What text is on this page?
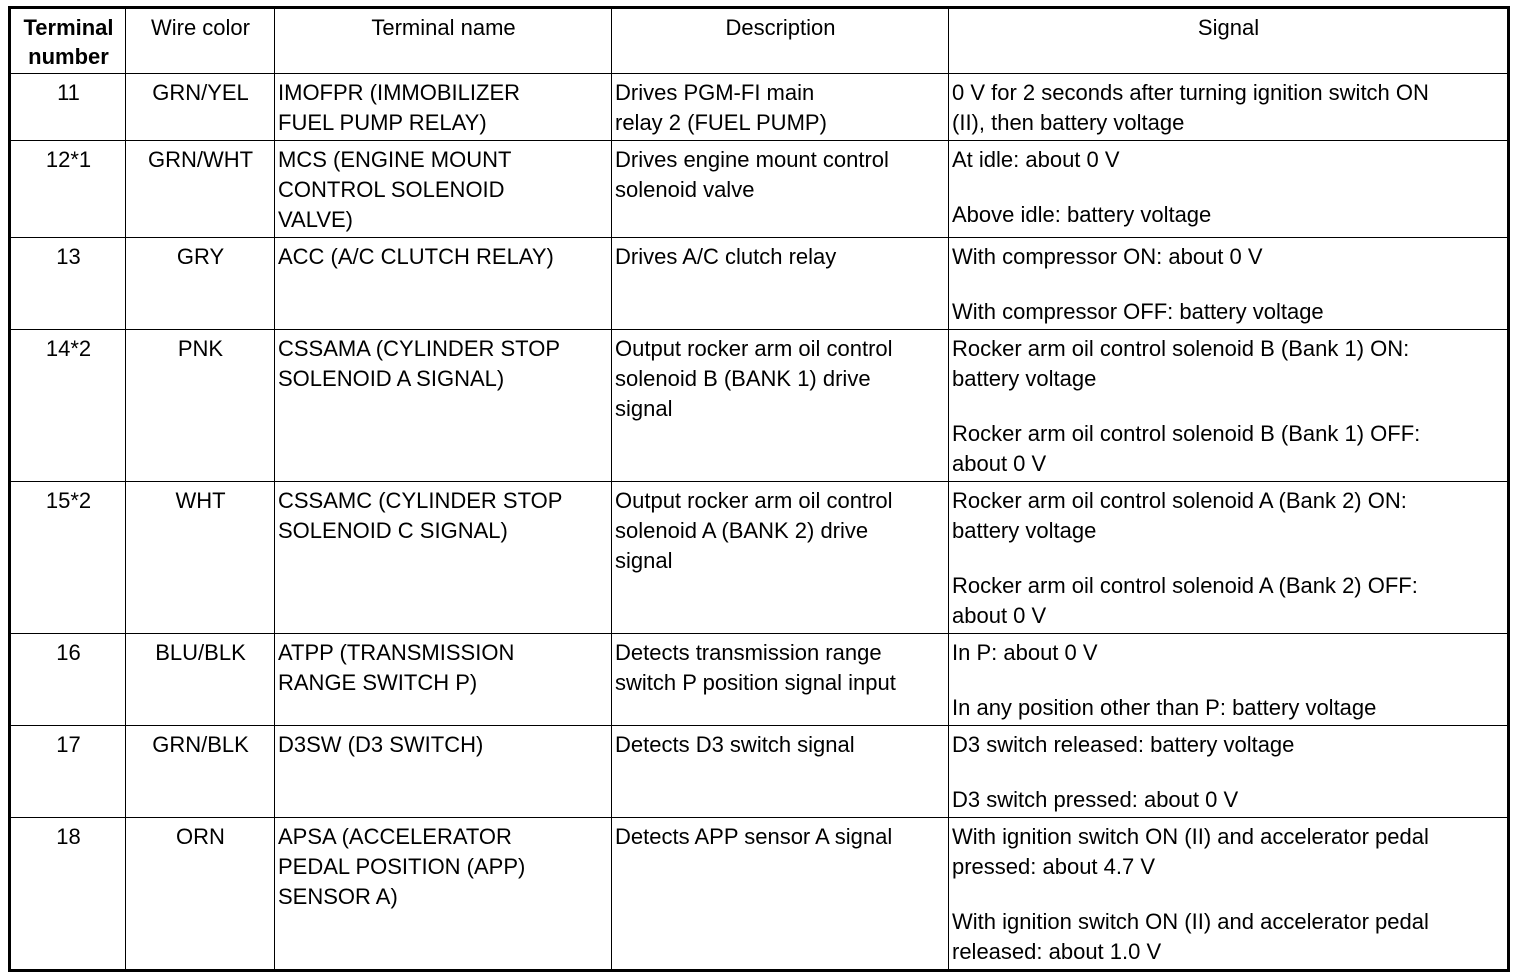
Terminal
number	Wire color	Terminal name	Description	Signal
11	GRN/YEL	IMOFPR (IMMOBILIZER
FUEL PUMP RELAY)	Drives PGM-FI main
relay 2 (FUEL PUMP)	0 V for 2 seconds after turning ignition switch ON
(II), then battery voltage

12*1	GRN/WHT	MCS (ENGINE MOUNT
CONTROL SOLENOID
VALVE)	Drives engine mount control
solenoid valve	At idle: about 0 V
Above idle: battery voltage

13	GRY	ACC (A/C CLUTCH RELAY)	Drives A/C clutch relay	With compressor ON: about 0 V
With compressor OFF: battery voltage

14*2	PNK	CSSAMA (CYLINDER STOP
SOLENOID A SIGNAL)	Output rocker arm oil control
solenoid B (BANK 1) drive
signal	Rocker arm oil control solenoid B (Bank 1) ON:
battery voltage
Rocker arm oil control solenoid B (Bank 1) OFF:
about 0 V

15*2	WHT	CSSAMC (CYLINDER STOP
SOLENOID C SIGNAL)	Output rocker arm oil control
solenoid A (BANK 2) drive
signal	Rocker arm oil control solenoid A (Bank 2) ON:
battery voltage
Rocker arm oil control solenoid A (Bank 2) OFF:
about 0 V

16	BLU/BLK	ATPP (TRANSMISSION
RANGE SWITCH P)	Detects transmission range
switch P position signal input	In P: about 0 V
In any position other than P: battery voltage

17	GRN/BLK	D3SW (D3 SWITCH)	Detects D3 switch signal	D3 switch released: battery voltage
D3 switch pressed: about 0 V

18	ORN	APSA (ACCELERATOR
PEDAL POSITION (APP)
SENSOR A)	Detects APP sensor A signal	With ignition switch ON (II) and accelerator pedal
pressed: about 4.7 V
With ignition switch ON (II) and accelerator pedal
released: about 1.0 V
